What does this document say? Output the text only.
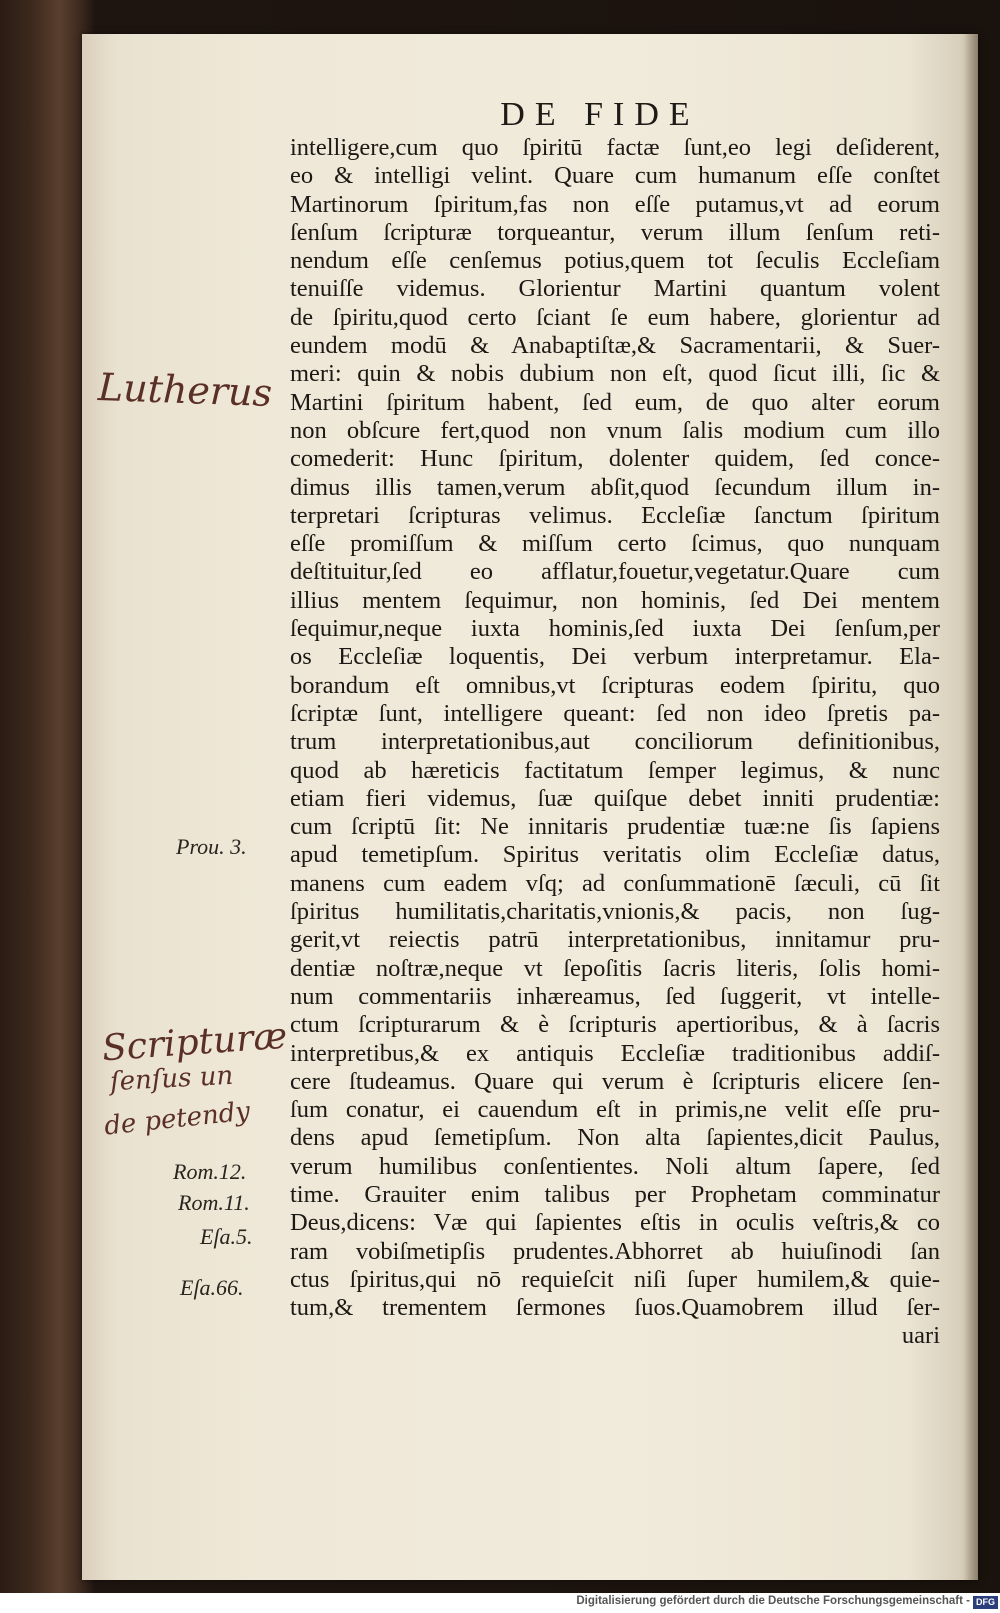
DE FIDE
intelligere,cum quo ſpiritū factæ ſunt,eo legi deſiderent,
eo & intelligi velint. Quare cum humanum eſſe conſtet
Martinorum ſpiritum,fas non eſſe putamus,vt ad eorum
ſenſum ſcripturæ torqueantur, verum illum ſenſum reti-
nendum eſſe cenſemus potius,quem tot ſeculis Eccleſiam
tenuiſſe videmus. Glorientur Martini quantum volent
de ſpiritu,quod certo ſciant ſe eum habere, glorientur ad
eundem modū & Anabaptiſtæ,& Sacramentarii, & Suer-
meri: quin & nobis dubium non eſt, quod ſicut illi, ſic &
Martini ſpiritum habent, ſed eum, de quo alter eorum
non obſcure fert,quod non vnum ſalis modium cum illo
comederit: Hunc ſpiritum, dolenter quidem, ſed conce-
dimus illis tamen,verum abſit,quod ſecundum illum in-
terpretari ſcripturas velimus. Eccleſiæ ſanctum ſpiritum
eſſe promiſſum & miſſum certo ſcimus, quo nunquam
deſtituitur,ſed eo afflatur,fouetur,vegetatur.Quare cum
illius mentem ſequimur, non hominis, ſed Dei mentem
ſequimur,neque iuxta hominis,ſed iuxta Dei ſenſum,per
os Eccleſiæ loquentis, Dei verbum interpretamur. Ela-
borandum eſt omnibus,vt ſcripturas eodem ſpiritu, quo
ſcriptæ ſunt, intelligere queant: ſed non ideo ſpretis pa-
trum interpretationibus,aut conciliorum definitionibus,
quod ab hæreticis factitatum ſemper legimus, & nunc
etiam fieri videmus, ſuæ quiſque debet inniti prudentiæ:
cum ſcriptū ſit: Ne innitaris prudentiæ tuæ:ne ſis ſapiens
apud temetipſum. Spiritus veritatis olim Eccleſiæ datus,
manens cum eadem vſq; ad conſummationē ſæculi, cū ſit
ſpiritus humilitatis,charitatis,vnionis,& pacis, non ſug-
gerit,vt reiectis patrū interpretationibus, innitamur pru-
dentiæ noſtræ,neque vt ſepoſitis ſacris literis, ſolis homi-
num commentariis inhæreamus, ſed ſuggerit, vt intelle-
ctum ſcripturarum & è ſcripturis apertioribus, & à ſacris
interpretibus,& ex antiquis Eccleſiæ traditionibus addiſ-
cere ſtudeamus. Quare qui verum è ſcripturis elicere ſen-
ſum conatur, ei cauendum eſt in primis,ne velit eſſe pru-
dens apud ſemetipſum. Non alta ſapientes,dicit Paulus,
verum humilibus conſentientes. Noli altum ſapere, ſed
time. Grauiter enim talibus per Prophetam comminatur
Deus,dicens: Væ qui ſapientes eſtis in oculis veſtris,& co
ram vobiſmetipſis prudentes.Abhorret ab huiuſinodi ſan
ctus ſpiritus,qui nō requieſcit niſi ſuper humilem,& quie-
tum,& trementem ſermones ſuos.Quamobrem illud ſer-
uari
Prou. 3.
Rom.12.
Rom.11.
Eſa.5.
Eſa.66.
Lutherus
Scripturæ
ſenſus un
de petendy
Digitalisierung gefördert durch die Deutsche Forschungsgemeinschaft - DFG
